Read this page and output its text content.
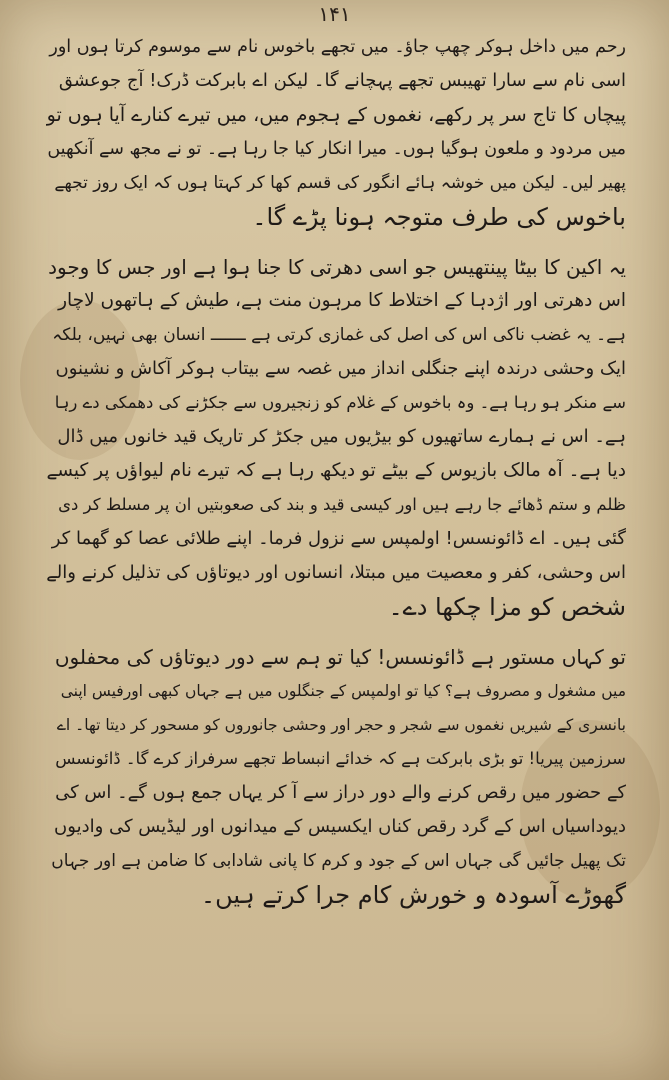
۱۴۱
رحم میں داخل ہوکر چھپ جاؤ۔ میں تجھے باخوس نام سے موسوم کرتا ہوں اور
اسی نام سے سارا تھیبس تجھے پہچانے گا۔ لیکن اے بابرکت ڈرک! آج جوعشق
پیچاں کا تاج سر پر رکھے، نغموں کے ہجوم میں، میں تیرے کنارے آیا ہوں تو
میں مردود و ملعون ہوگیا ہوں۔ میرا انکار کیا جا رہا ہے۔ تو نے مجھ سے آنکھیں
پھیر لیں۔ لیکن میں خوشہ ہائے انگور کی قسم کھا کر کہتا ہوں کہ ایک روز تجھے
باخوس کی طرف متوجہ ہونا پڑے گا۔
یہ اکین کا بیٹا پینتھیس جو اسی دھرتی کا جنا ہوا ہے اور جس کا وجود
اس دھرتی اور اژدہا کے اختلاط کا مرہون منت ہے، طیش کے ہاتھوں لاچار
ہے۔ یہ غضب ناکی اس کی اصل کی غمازی کرتی ہے ـــــــ انسان بھی نہیں، بلکہ
ایک وحشی درندہ اپنے جنگلی انداز میں غصہ سے بیتاب ہوکر آکاش و نشینوں
سے منکر ہو رہا ہے۔ وہ باخوس کے غلام کو زنجیروں سے جکڑنے کی دھمکی دے رہا
ہے۔ اس نے ہمارے ساتھیوں کو بیڑیوں میں جکڑ کر تاریک قید خانوں میں ڈال
دیا ہے۔ آہ مالک بازیوس کے بیٹے تو دیکھ رہا ہے کہ تیرے نام لیواؤں پر کیسے
ظلم و ستم ڈھائے جا رہے ہیں اور کیسی قید و بند کی صعوبتیں ان پر مسلط کر دی
گئی ہیں۔ اے ڈائونسس! اولمپس سے نزول فرما۔ اپنے طلائی عصا کو گھما کر
اس وحشی، کفر و معصیت میں مبتلا، انسانوں اور دیوتاؤں کی تذلیل کرنے والے
شخص کو مزا چکھا دے۔
تو کہاں مستور ہے ڈائونسس! کیا تو ہم سے دور دیوتاؤں کی محفلوں
میں مشغول و مصروف ہے؟ کیا تو اولمپس کے جنگلوں میں ہے جہاں کبھی اورفیس اپنی
بانسری کے شیریں نغموں سے شجر و حجر اور وحشی جانوروں کو مسحور کر دیتا تھا۔ اے
سرزمین پیریا! تو بڑی بابرکت ہے کہ خدائے انبساط تجھے سرفراز کرے گا۔ ڈائونسس
کے حضور میں رقص کرنے والے دور دراز سے آ کر یہاں جمع ہوں گے۔ اس کی
دیوداسیاں اس کے گرد رقص کناں ایکسیس کے میدانوں اور لیڈیس کی وادیوں
تک پھیل جائیں گی جہاں اس کے جود و کرم کا پانی شادابی کا ضامن ہے اور جہاں
گھوڑے آسودہ و خورش کام جرا کرتے ہیں۔
